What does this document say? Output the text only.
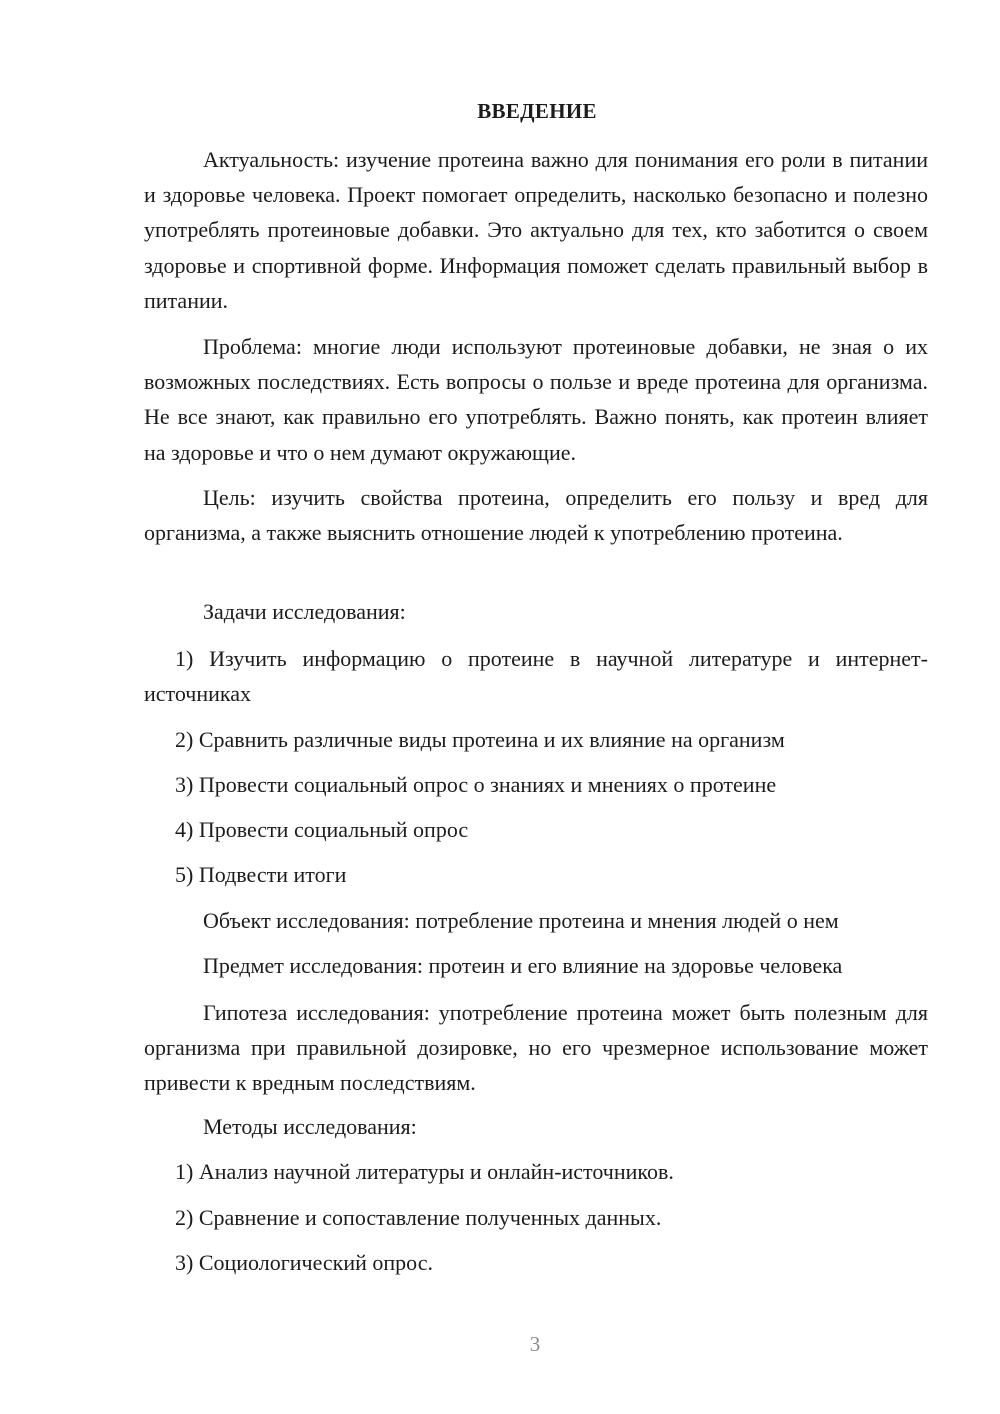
ВВЕДЕНИЕ

Актуальность: изучение протеина важно для понимания его роли в питании и здоровье человека. Проект помогает определить, насколько безопасно и полезно употреблять протеиновые добавки. Это актуально для тех, кто заботится о своем здоровье и спортивной форме. Информация поможет сделать правильный выбор в питании.

Проблема: многие люди используют протеиновые добавки, не зная о их возможных последствиях. Есть вопросы о пользе и вреде протеина для организма. Не все знают, как правильно его употреблять. Важно понять, как протеин влияет на здоровье и что о нем думают окружающие.

Цель: изучить свойства протеина, определить его пользу и вред для организма, а также выяснить отношение людей к употреблению протеина.

Задачи исследования:

1) Изучить информацию о протеине в научной литературе и интернет-источниках

2) Сравнить различные виды протеина и их влияние на организм

3) Провести социальный опрос о знаниях и мнениях о протеине

4) Провести социальный опрос

5) Подвести итоги

Объект исследования: потребление протеина и мнения людей о нем

Предмет исследования: протеин и его влияние на здоровье человека

Гипотеза исследования: употребление протеина может быть полезным для организма при правильной дозировке, но его чрезмерное использование может привести к вредным последствиям.

Методы исследования:

1) Анализ научной литературы и онлайн-источников.

2) Сравнение и сопоставление полученных данных.

3) Социологический опрос.

3
